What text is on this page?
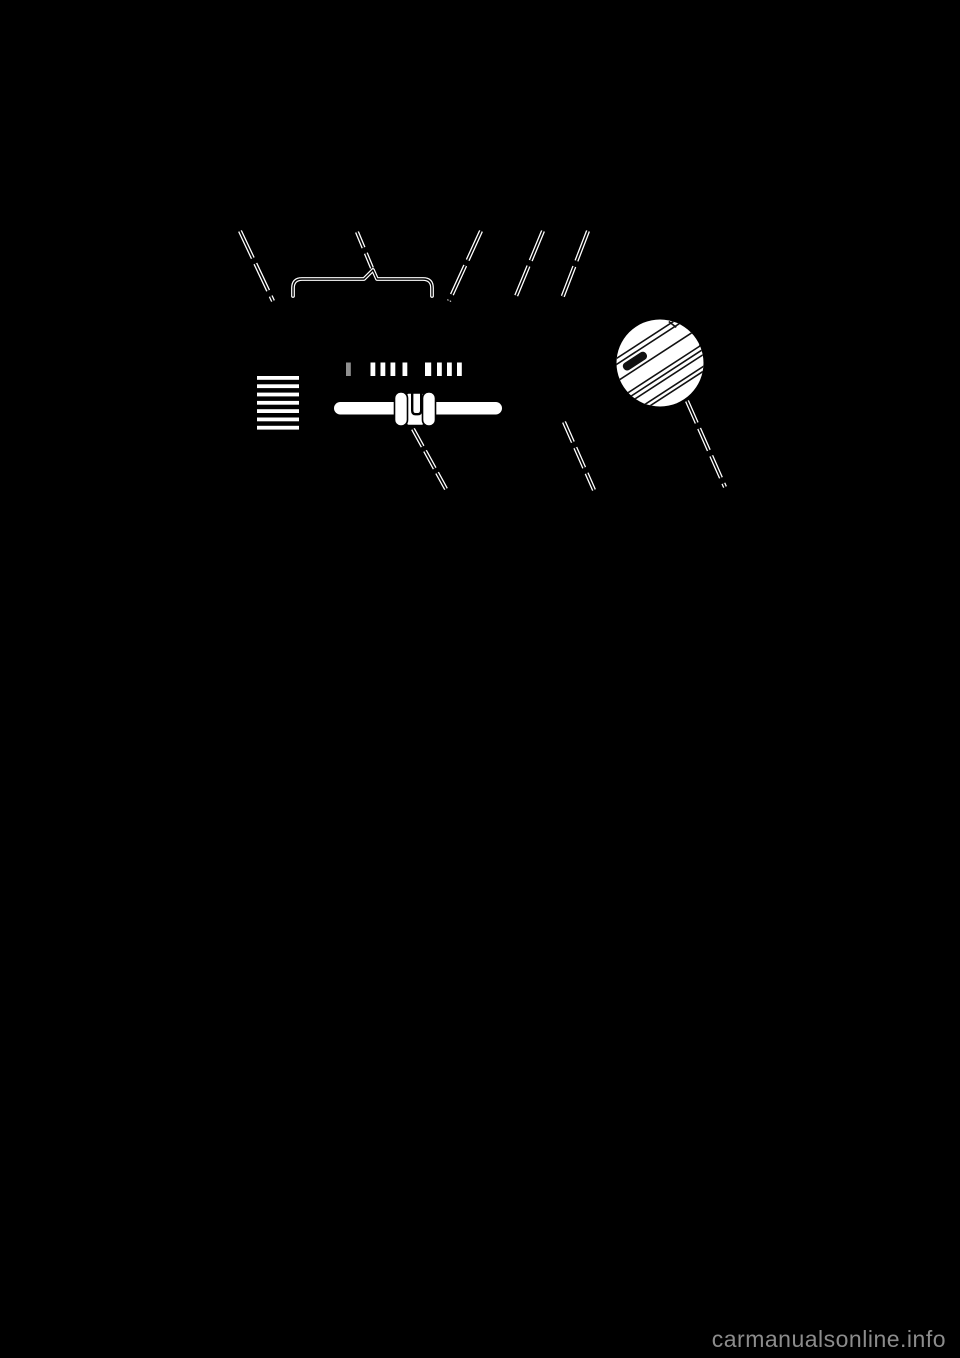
carmanualsonline.info
